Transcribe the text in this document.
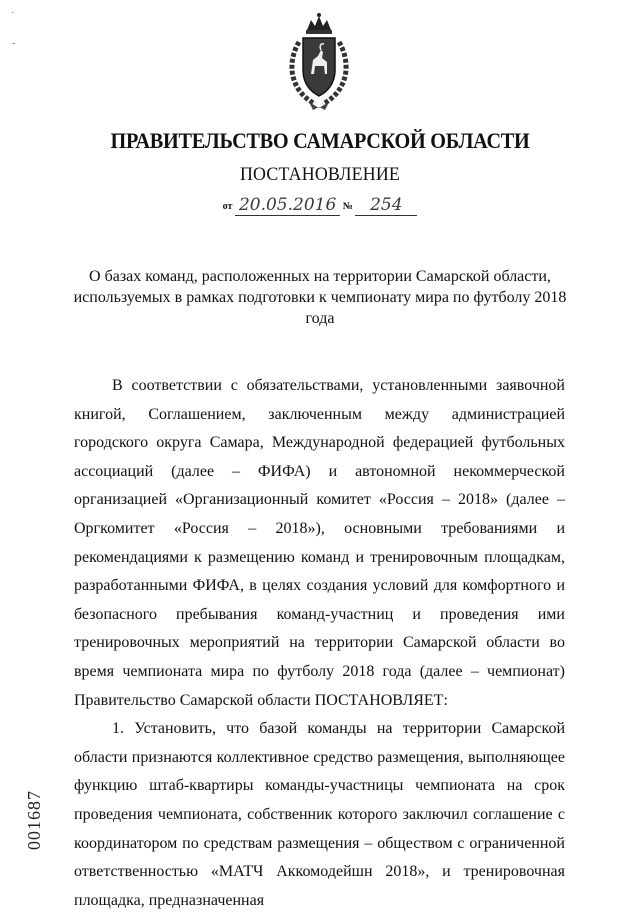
·
-
ПРАВИТЕЛЬСТВО САМАРСКОЙ ОБЛАСТИ
ПОСТАНОВЛЕНИЕ
от 20.05.2016 № 254
О базах команд, расположенных на территории Самарской области, используемых в рамках подготовки к чемпионату мира по футболу 2018 года

В соответствии с обязательствами, установленными заявочной книгой, Соглашением, заключенным между администрацией городского округа Самара, Международной федерацией футбольных ассоциаций (далее – ФИФА) и автономной некоммерческой организацией «Организационный комитет «Россия – 2018» (далее – Оргкомитет «Россия – 2018»), основными требованиями и рекомендациями к размещению команд и тренировочным площадкам, разработанными ФИФА, в целях создания условий для комфортного и безопасного пребывания команд-участниц и проведения ими тренировочных мероприятий на территории Самарской области во время чемпионата мира по футболу 2018 года (далее – чемпионат) Правительство Самарской области ПОСТАНОВЛЯЕТ:

1. Установить, что базой команды на территории Самарской области признаются коллективное средство размещения, выполняющее функцию штаб-квартиры команды-участницы чемпионата на срок проведения чемпионата, собственник которого заключил соглашение с координатором по средствам размещения – обществом с ограниченной ответственностью «МАТЧ Аккомодейшн 2018», и тренировочная площадка, предназначенная

001687
